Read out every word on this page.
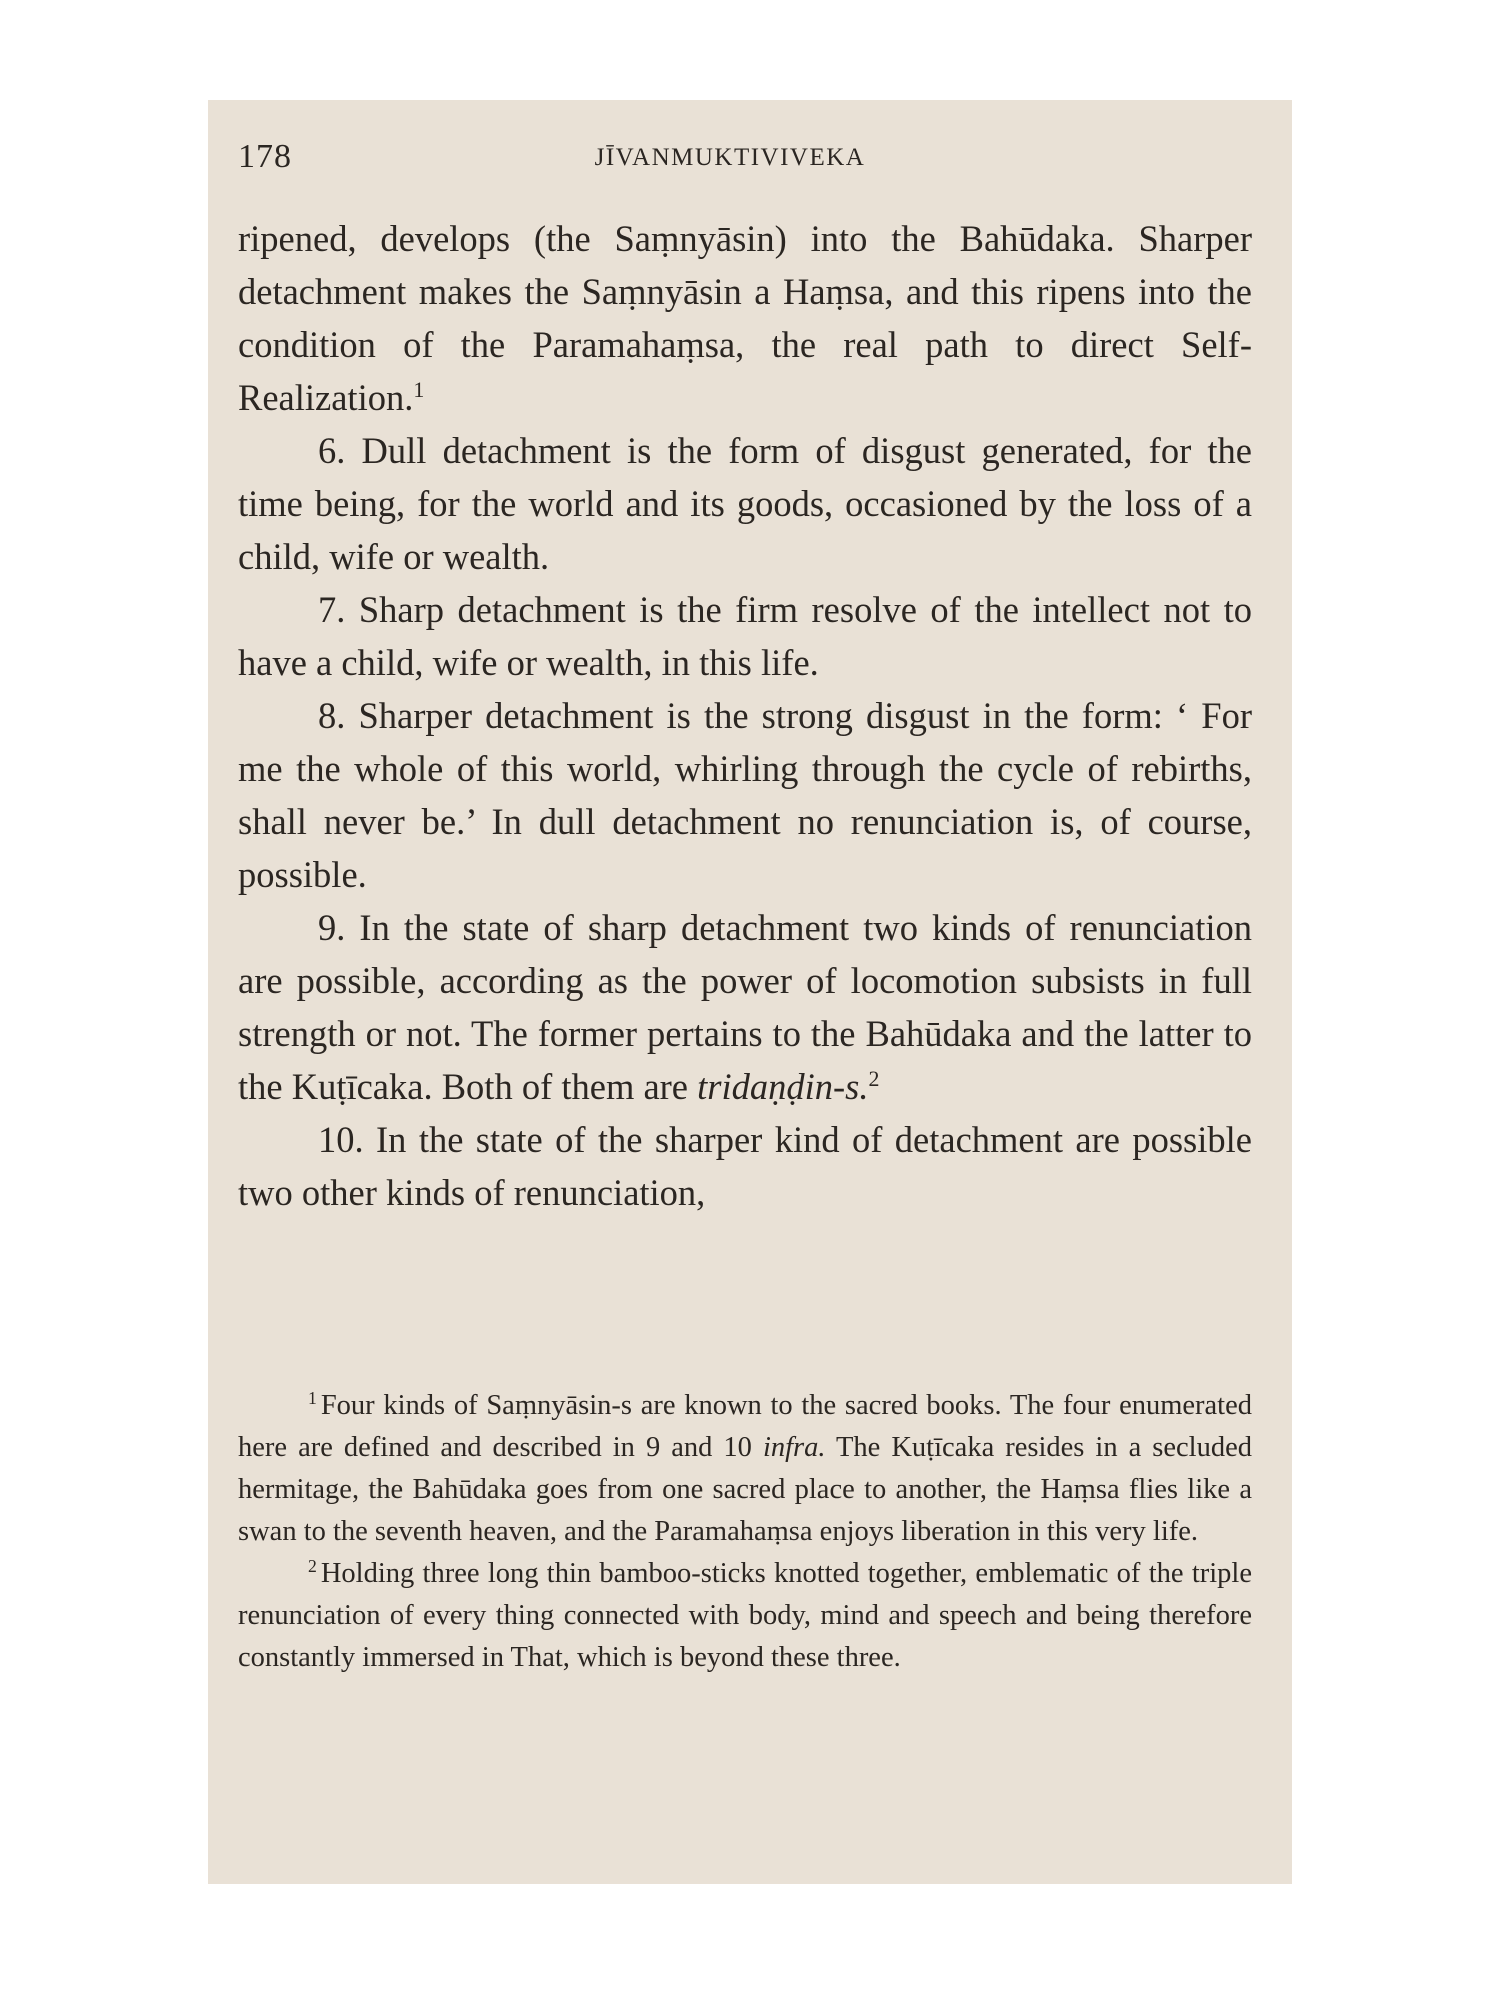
178	JĪVANMUKTIVIVEKA

ripened, develops (the Saṃnyāsin) into the Bahūdaka. Sharper detachment makes the Saṃnyāsin a Haṃsa, and this ripens into the condition of the Paramahaṃsa, the real path to direct Self-Realization.$^1$

6. Dull detachment is the form of disgust generated, for the time being, for the world and its goods, occasioned by the loss of a child, wife or wealth.

7. Sharp detachment is the firm resolve of the intellect not to have a child, wife or wealth, in this life.

8. Sharper detachment is the strong disgust in the form: ‘ For me the whole of this world, whirling through the cycle of rebirths, shall never be.’ In dull detachment no renunciation is, of course, possible.

9. In the state of sharp detachment two kinds of renunciation are possible, according as the power of locomotion subsists in full strength or not. The former pertains to the Bahūdaka and the latter to the Kuṭīcaka. Both of them are tridaṇḍin-s.$^2$

10. In the state of the sharper kind of detachment are possible two other kinds of renunciation,

$^1$ Four kinds of Saṃnyāsin-s are known to the sacred books. The four enumerated here are defined and described in 9 and 10 infra. The Kuṭīcaka resides in a secluded hermitage, the Bahūdaka goes from one sacred place to another, the Haṃsa flies like a swan to the seventh heaven, and the Paramahaṃsa enjoys liberation in this very life.

$^2$ Holding three long thin bamboo-sticks knotted together, emblematic of the triple renunciation of every thing connected with body, mind and speech and being therefore constantly immersed in That, which is beyond these three.
